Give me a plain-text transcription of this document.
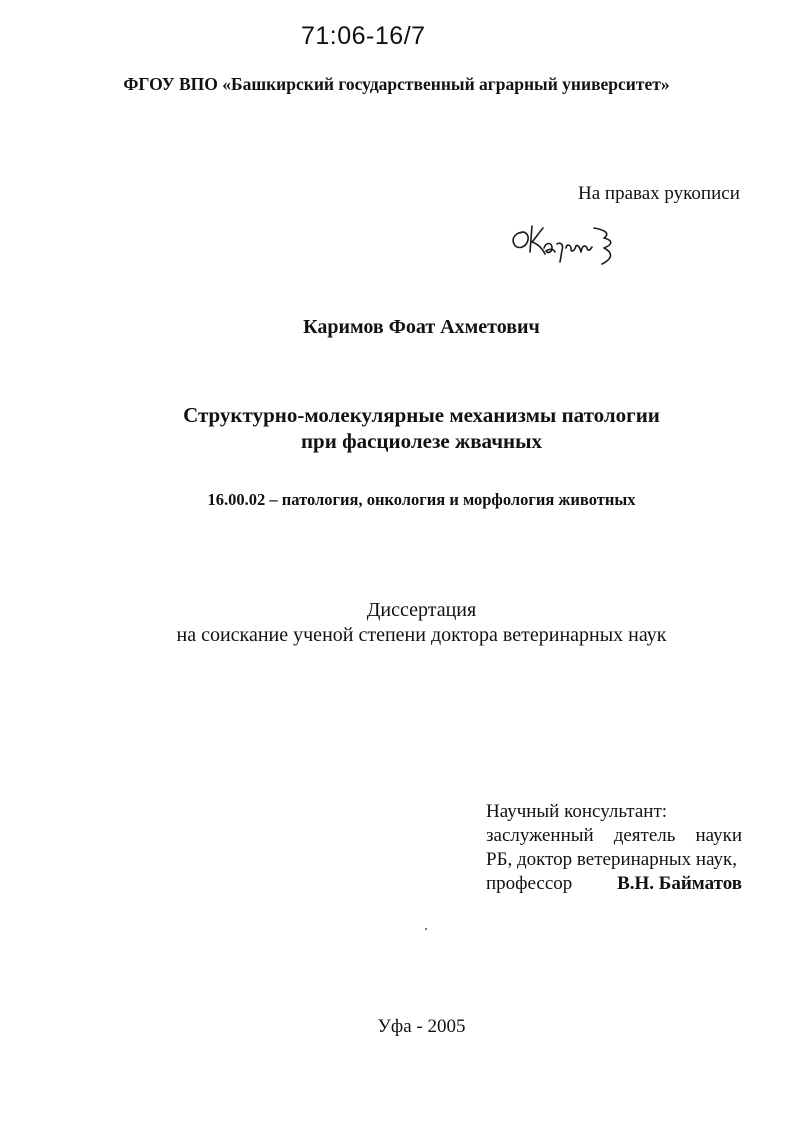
71:06-16/7
ФГОУ ВПО «Башкирский государственный аграрный университет»
На правах рукописи
Каримов Фоат Ахметович
Структурно-молекулярные механизмы патологии
при фасциолезе жвачных
16.00.02 – патология, онкология и морфология животных
Диссертация
на соискание ученой степени доктора ветеринарных наук
Научный консультант:
заслуженный деятель науки
РБ, доктор ветеринарных наук,
профессор В.Н. Байматов
Уфа - 2005
